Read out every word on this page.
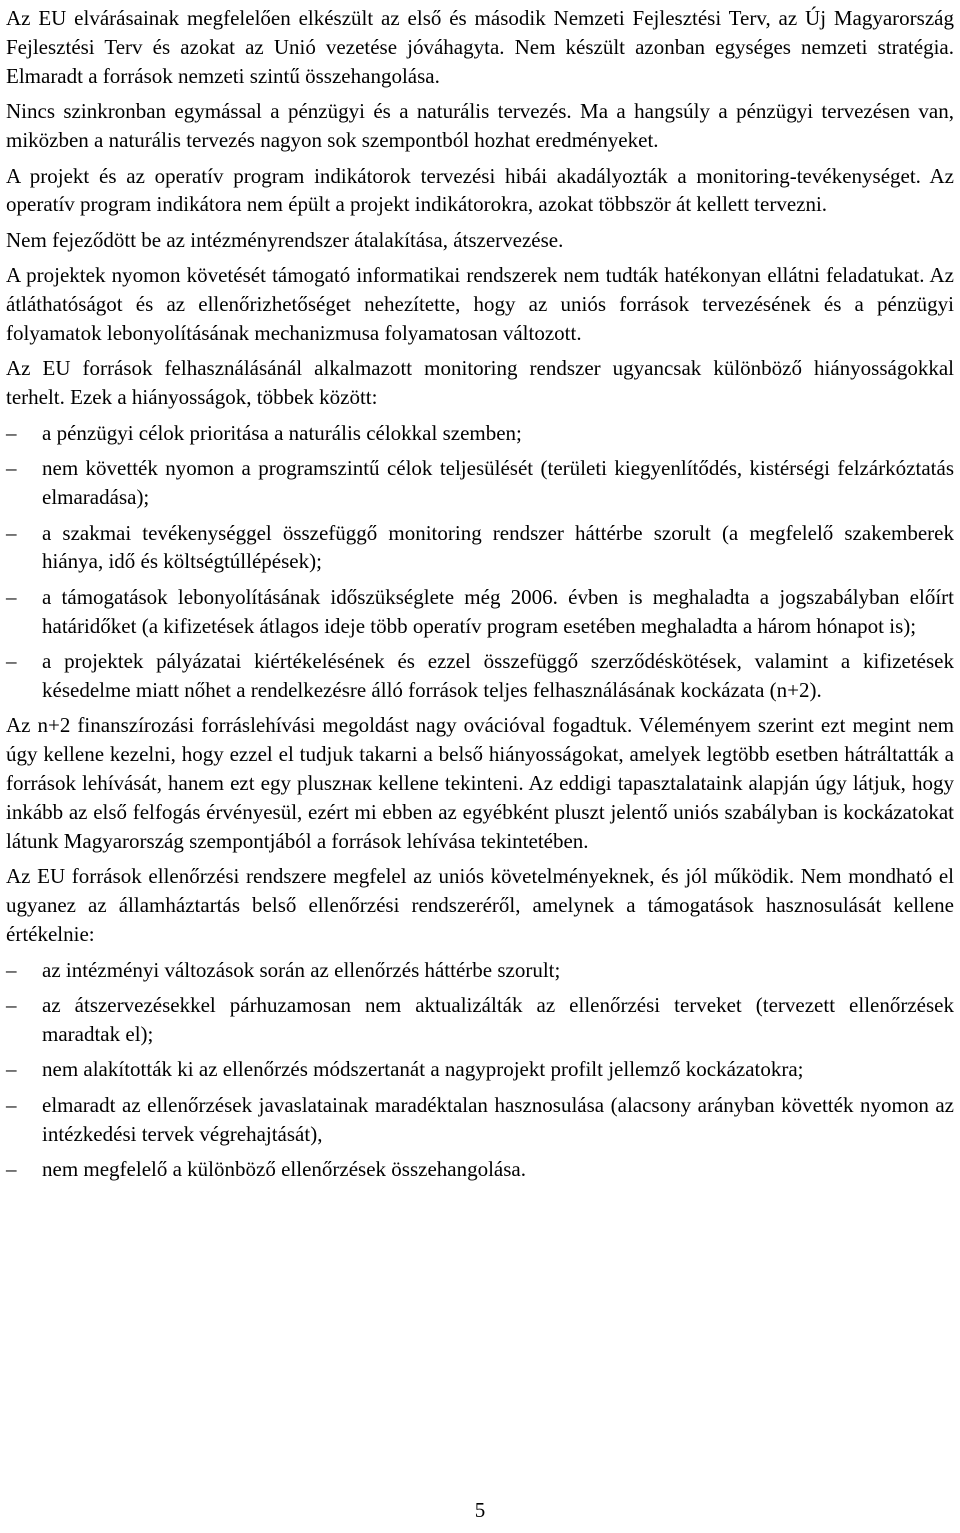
Az EU elvárásainak megfelelően elkészült az első és második Nemzeti Fejlesztési Terv, az Új Magyarország Fejlesztési Terv és azokat az Unió vezetése jóváhagyta. Nem készült azonban egységes nemzeti stratégia. Elmaradt a források nemzeti szintű összehangolása.

Nincs szinkronban egymással a pénzügyi és a naturális tervezés. Ma a hangsúly a pénzügyi tervezésen van, miközben a naturális tervezés nagyon sok szempontból hozhat eredményeket.

A projekt és az operatív program indikátorok tervezési hibái akadályozták a monitoring-tevékenységet. Az operatív program indikátora nem épült a projekt indikátorokra, azokat többször át kellett tervezni.

Nem fejeződött be az intézményrendszer átalakítása, átszervezése.

A projektek nyomon követését támogató informatikai rendszerek nem tudták hatékonyan ellátni feladatukat. Az átláthatóságot és az ellenőrizhetőséget nehezítette, hogy az uniós források tervezésének és a pénzügyi folyamatok lebonyolításának mechanizmusa folyamatosan változott.

Az EU források felhasználásánál alkalmazott monitoring rendszer ugyancsak különböző hiányosságokkal terhelt. Ezek a hiányosságok, többek között:

– a pénzügyi célok prioritása a naturális célokkal szemben;
– nem követték nyomon a programszintű célok teljesülését (területi kiegyenlítődés, kistérségi felzárkóztatás elmaradása);
– a szakmai tevékenységgel összefüggő monitoring rendszer háttérbe szorult (a megfelelő szakemberek hiánya, idő és költségtúllépések);
– a támogatások lebonyolításának időszükséglete még 2006. évben is meghaladta a jogszabályban előírt határidőket (a kifizetések átlagos ideje több operatív program esetében meghaladta a három hónapot is);
– a projektek pályázatai kiértékelésének és ezzel összefüggő szerződéskötések, valamint a kifizetések késedelme miatt nőhet a rendelkezésre álló források teljes felhasználásának kockázata (n+2).

Az n+2 finanszírozási forráslehívási megoldást nagy ovációval fogadtuk. Véleményem szerint ezt megint nem úgy kellene kezelni, hogy ezzel el tudjuk takarni a belső hiányosságokat, amelyek legtöbb esetben hátráltatták a források lehívását, hanem ezt egy pluszнак kellene tekinteni. Az eddigi tapasztalataink alapján úgy látjuk, hogy inkább az első felfogás érvényesül, ezért mi ebben az egyébként pluszt jelentő uniós szabályban is kockázatokat látunk Magyarország szempontjából a források lehívása tekintetében.

Az EU források ellenőrzési rendszere megfelel az uniós követelményeknek, és jól működik. Nem mondható el ugyanez az államháztartás belső ellenőrzési rendszeréről, amelynek a támogatások hasznosulását kellene értékelnie:

– az intézményi változások során az ellenőrzés háttérbe szorult;
– az átszervezésekkel párhuzamosan nem aktualizálták az ellenőrzési terveket (tervezett ellenőrzések maradtak el);
– nem alakították ki az ellenőrzés módszertanát a nagyprojekt profilt jellemző kockázatokra;
– elmaradt az ellenőrzések javaslatainak maradéktalan hasznosulása (alacsony arányban követték nyomon az intézkedési tervek végrehajtását),
– nem megfelelő a különböző ellenőrzések összehangolása.
5
